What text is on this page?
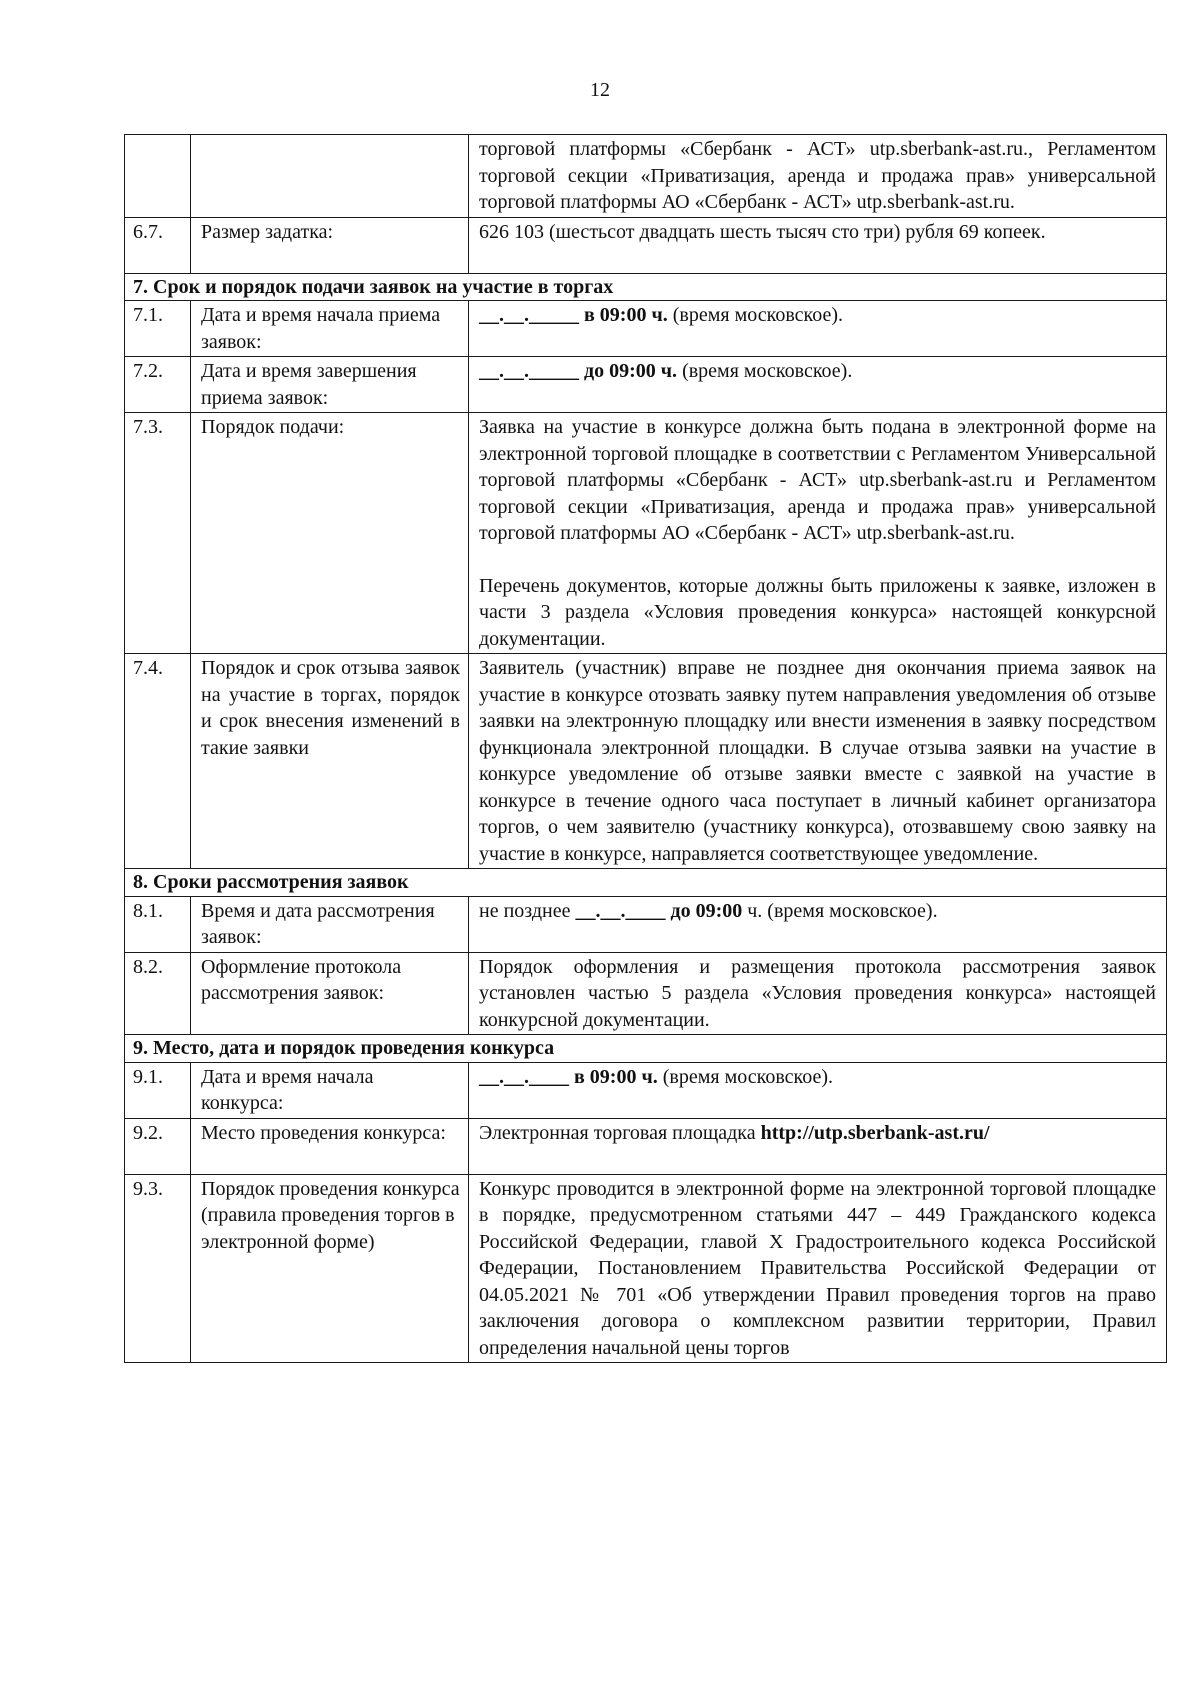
12
		торговой платформы «Сбербанк - АСТ» utp.sberbank-ast.ru., Регламентом торговой секции «Приватизация, аренда и продажа прав» универсальной торговой платформы АО «Сбербанк - АСТ» utp.sberbank-ast.ru.
6.7.	Размер задатка:	626 103 (шестьсот двадцать шесть тысяч сто три) рубля 69 копеек.
7. Срок и порядок подачи заявок на участие в торгах		
7.1.	Дата и время начала приема заявок:	__.__._____ в 09:00 ч. (время московское).
7.2.	Дата и время завершения приема заявок:	__.__._____ до 09:00 ч. (время московское).
7.3.	Порядок подачи:	Заявка на участие в конкурсе должна быть подана в электронной форме на электронной торговой площадке в соответствии с Регламентом Универсальной торговой платформы «Сбербанк - АСТ» utp.sberbank-ast.ru и Регламентом торговой секции «Приватизация, аренда и продажа прав» универсальной торговой платформы АО «Сбербанк - АСТ» utp.sberbank-ast.ru.

Перечень документов, которые должны быть приложены к заявке, изложен в части 3 раздела «Условия проведения конкурса» настоящей конкурсной документации.

7.4.	Порядок и срок отзыва заявок на участие в торгах, порядок и срок внесения изменений в такие заявки	Заявитель (участник) вправе не позднее дня окончания приема заявок на участие в конкурсе отозвать заявку путем направления уведомления об отзыве заявки на электронную площадку или внести изменения в заявку посредством функционала электронной площадки. В случае отзыва заявки на участие в конкурсе уведомление об отзыве заявки вместе с заявкой на участие в конкурсе в течение одного часа поступает в личный кабинет организатора торгов, о чем заявителю (участнику конкурса), отозвавшему свою заявку на участие в конкурсе, направляется соответствующее уведомление.
8. Сроки рассмотрения заявок		
8.1.	Время и дата рассмотрения заявок:	не позднее __.__.____ до 09:00 ч. (время московское).
8.2.	Оформление протокола рассмотрения заявок:	Порядок оформления и размещения протокола рассмотрения заявок установлен частью 5 раздела «Условия проведения конкурса» настоящей конкурсной документации.
9. Место, дата и порядок проведения конкурса		
9.1.	Дата и время начала конкурса:	__.__.____ в 09:00 ч. (время московское).
9.2.	Место проведения конкурса:	Электронная торговая площадка http://utp.sberbank-ast.ru/
9.3.	Порядок проведения конкурса (правила проведения торгов в электронной форме)	Конкурс проводится в электронной форме на электронной торговой площадке в порядке, предусмотренном статьями 447 – 449 Гражданского кодекса Российской Федерации, главой X Градостроительного кодекса Российской Федерации, Постановлением Правительства Российской Федерации от 04.05.2021 № 701 «Об утверждении Правил проведения торгов на право заключения договора о комплексном развитии территории, Правил определения начальной цены торгов
